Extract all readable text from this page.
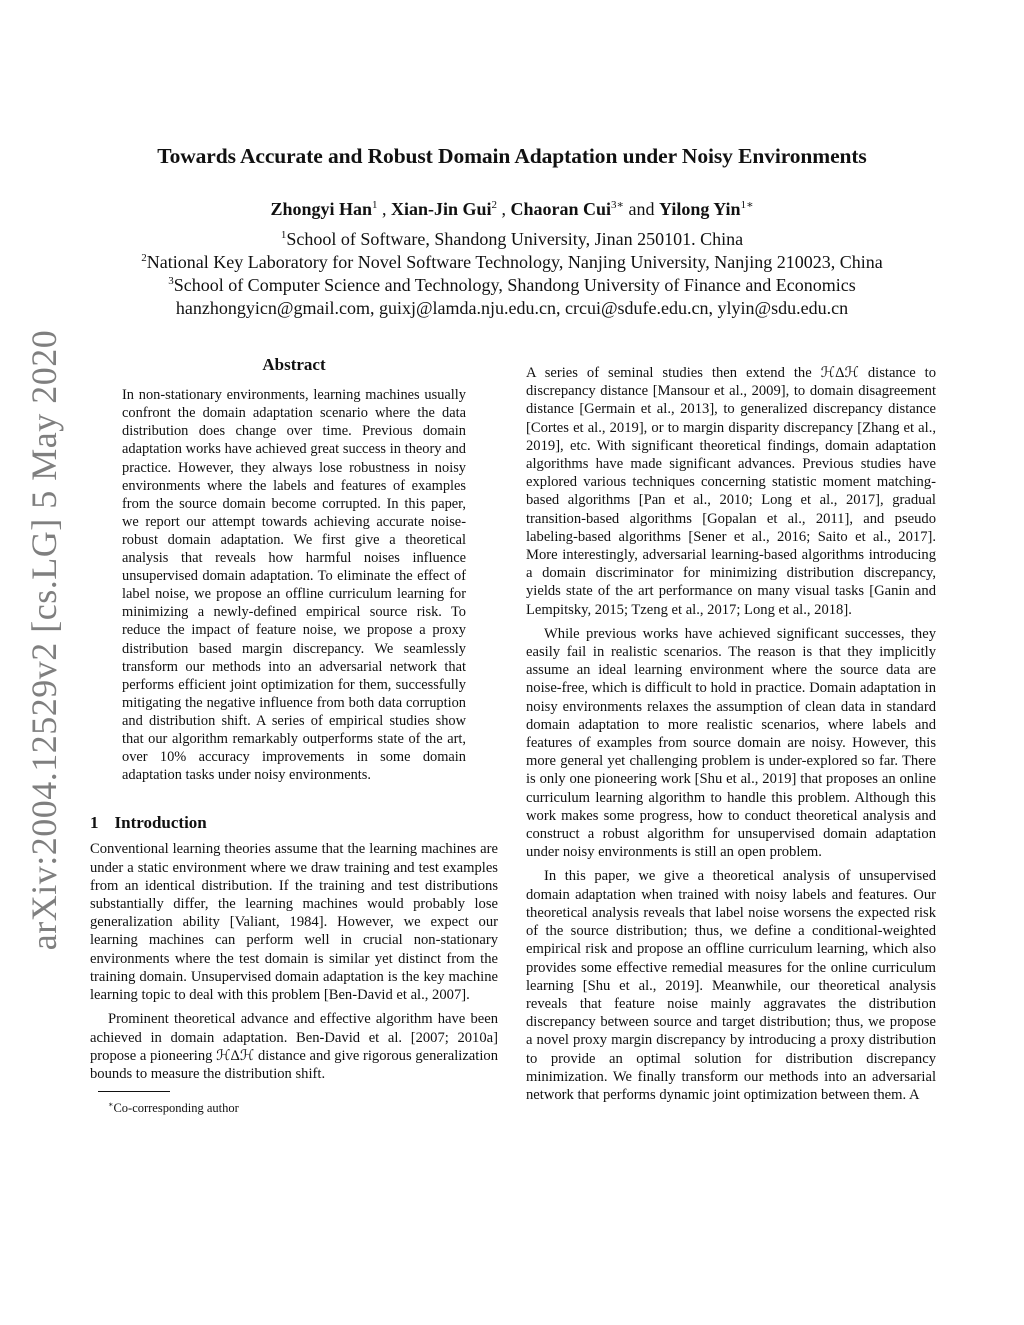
Towards Accurate and Robust Domain Adaptation under Noisy Environments
Zhongyi Han$^1$ , Xian-Jin Gui$^2$ , Chaoran Cui$^{3∗}$ and Yilong Yin$^{1∗}$
$^1$School of Software, Shandong University, Jinan 250101. China
$^2$National Key Laboratory for Novel Software Technology, Nanjing University, Nanjing 210023, China
$^3$School of Computer Science and Technology, Shandong University of Finance and Economics
hanzhongyicn@gmail.com, guixj@lamda.nju.edu.cn, crcui@sdufe.edu.cn, ylyin@sdu.edu.cn
arXiv:2004.12529v2 [cs.LG] 5 May 2020	Abstract
In non-stationary environments, learning machines usually confront the domain adaptation scenario where the data distribution does change over time. Previous domain adaptation works have achieved great success in theory and practice. However, they always lose robustness in noisy environments where the labels and features of examples from the source domain become corrupted. In this paper, we report our attempt towards achieving accurate noise-robust domain adaptation. We first give a theoretical analysis that reveals how harmful noises influence unsupervised domain adaptation. To eliminate the effect of label noise, we propose an offline curriculum learning for minimizing a newly-defined empirical source risk. To reduce the impact of feature noise, we propose a proxy distribution based margin discrepancy. We seamlessly transform our methods into an adversarial network that performs efficient joint optimization for them, successfully mitigating the negative influence from both data corruption and distribution shift. A series of empirical studies show that our algorithm remarkably outperforms state of the art, over 10% accuracy improvements in some domain adaptation tasks under noisy environments.
1 Introduction

Conventional learning theories assume that the learning machines are under a static environment where we draw training and test examples from an identical distribution. If the training and test distributions substantially differ, the learning machines would probably lose generalization ability [Valiant, 1984]. However, we expect our learning machines can perform well in crucial non-stationary environments where the test domain is similar yet distinct from the training domain. Unsupervised domain adaptation is the key machine learning topic to deal with this problem [Ben-David et al., 2007].

Prominent theoretical advance and effective algorithm have been achieved in domain adaptation. Ben-David et al. [2007; 2010a] propose a pioneering ℋΔℋ distance and give rigorous generalization bounds to measure the distribution shift.

∗Co-corresponding author

A series of seminal studies then extend the ℋΔℋ distance to discrepancy distance [Mansour et al., 2009], to domain disagreement distance [Germain et al., 2013], to generalized discrepancy distance [Cortes et al., 2019], or to margin disparity discrepancy [Zhang et al., 2019], etc. With significant theoretical findings, domain adaptation algorithms have made significant advances. Previous studies have explored various techniques concerning statistic moment matching-based algorithms [Pan et al., 2010; Long et al., 2017], gradual transition-based algorithms [Gopalan et al., 2011], and pseudo labeling-based algorithms [Sener et al., 2016; Saito et al., 2017]. More interestingly, adversarial learning-based algorithms introducing a domain discriminator for minimizing distribution discrepancy, yields state of the art performance on many visual tasks [Ganin and Lempitsky, 2015; Tzeng et al., 2017; Long et al., 2018].

While previous works have achieved significant successes, they easily fail in realistic scenarios. The reason is that they implicitly assume an ideal learning environment where the source data are noise-free, which is difficult to hold in practice. Domain adaptation in noisy environments relaxes the assumption of clean data in standard domain adaptation to more realistic scenarios, where labels and features of examples from source domain are noisy. However, this more general yet challenging problem is under-explored so far. There is only one pioneering work [Shu et al., 2019] that proposes an online curriculum learning algorithm to handle this problem. Although this work makes some progress, how to conduct theoretical analysis and construct a robust algorithm for unsupervised domain adaptation under noisy environments is still an open problem.

In this paper, we give a theoretical analysis of unsupervised domain adaptation when trained with noisy labels and features. Our theoretical analysis reveals that label noise worsens the expected risk of the source distribution; thus, we define a conditional-weighted empirical risk and propose an offline curriculum learning, which also provides some effective remedial measures for the online curriculum learning [Shu et al., 2019]. Meanwhile, our theoretical analysis reveals that feature noise mainly aggravates the distribution discrepancy between source and target distribution; thus, we propose a novel proxy margin discrepancy by introducing a proxy distribution to provide an optimal solution for distribution discrepancy minimization. We finally transform our methods into an adversarial network that performs dynamic joint optimization between them. A
